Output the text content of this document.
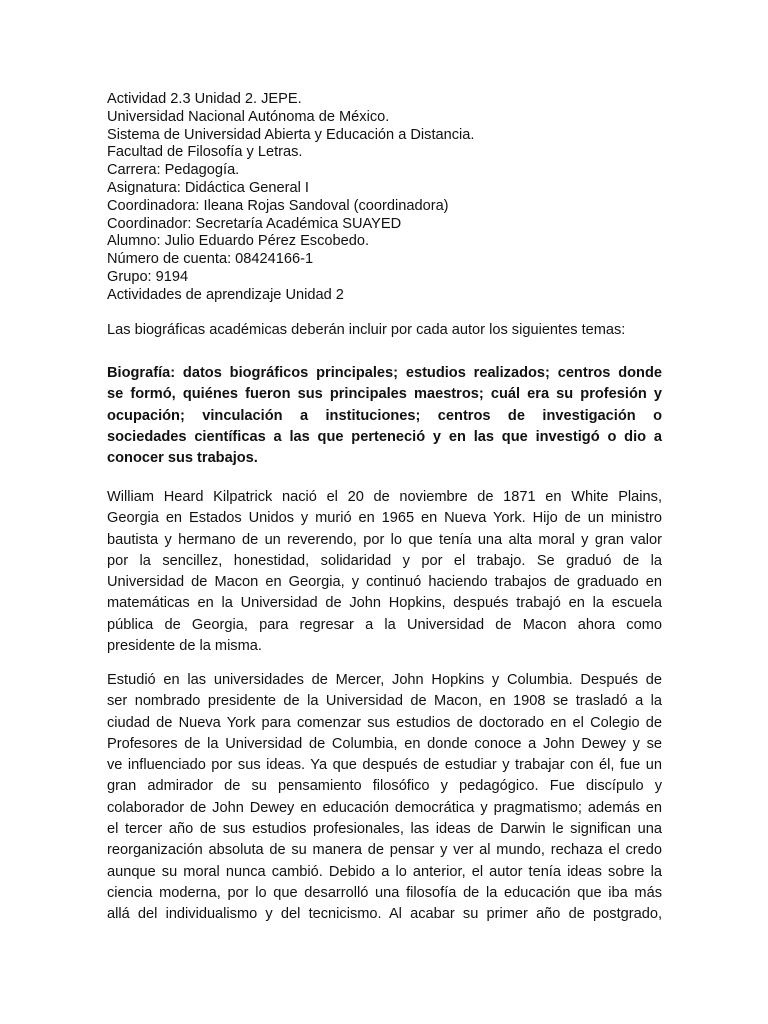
Actividad 2.3 Unidad 2. JEPE.
Universidad Nacional Autónoma de México.
Sistema de Universidad Abierta y Educación a Distancia.
Facultad de Filosofía y Letras.
Carrera: Pedagogía.
Asignatura: Didáctica General I
Coordinadora: Ileana Rojas Sandoval (coordinadora)
Coordinador: Secretaría Académica SUAYED
Alumno: Julio Eduardo Pérez Escobedo.
Número de cuenta: 08424166-1
Grupo: 9194
Actividades de aprendizaje Unidad 2
Las biográficas académicas deberán incluir por cada autor los siguientes temas:
Biografía: datos biográficos principales; estudios realizados; centros donde
se formó, quiénes fueron sus principales maestros; cuál era su profesión y
ocupación; vinculación a instituciones; centros de investigación o
sociedades científicas a las que perteneció y en las que investigó o dio a
conocer sus trabajos.
William Heard Kilpatrick nació el 20 de noviembre de 1871 en White Plains,
Georgia en Estados Unidos y murió en 1965 en Nueva York. Hijo de un ministro
bautista y hermano de un reverendo, por lo que tenía una alta moral y gran valor
por la sencillez, honestidad, solidaridad y por el trabajo. Se graduó de la
Universidad de Macon en Georgia, y continuó haciendo trabajos de graduado en
matemáticas en la Universidad de John Hopkins, después trabajó en la escuela
pública de Georgia, para regresar a la Universidad de Macon ahora como
presidente de la misma.
Estudió en las universidades de Mercer, John Hopkins y Columbia. Después de
ser nombrado presidente de la Universidad de Macon, en 1908 se trasladó a la
ciudad de Nueva York para comenzar sus estudios de doctorado en el Colegio de
Profesores de la Universidad de Columbia, en donde conoce a John Dewey y se
ve influenciado por sus ideas. Ya que después de estudiar y trabajar con él, fue un
gran admirador de su pensamiento filosófico y pedagógico. Fue discípulo y
colaborador de John Dewey en educación democrática y pragmatismo; además en
el tercer año de sus estudios profesionales, las ideas de Darwin le significan una
reorganización absoluta de su manera de pensar y ver al mundo, rechaza el credo
aunque su moral nunca cambió. Debido a lo anterior, el autor tenía ideas sobre la
ciencia moderna, por lo que desarrolló una filosofía de la educación que iba más
allá del individualismo y del tecnicismo. Al acabar su primer año de postgrado,
